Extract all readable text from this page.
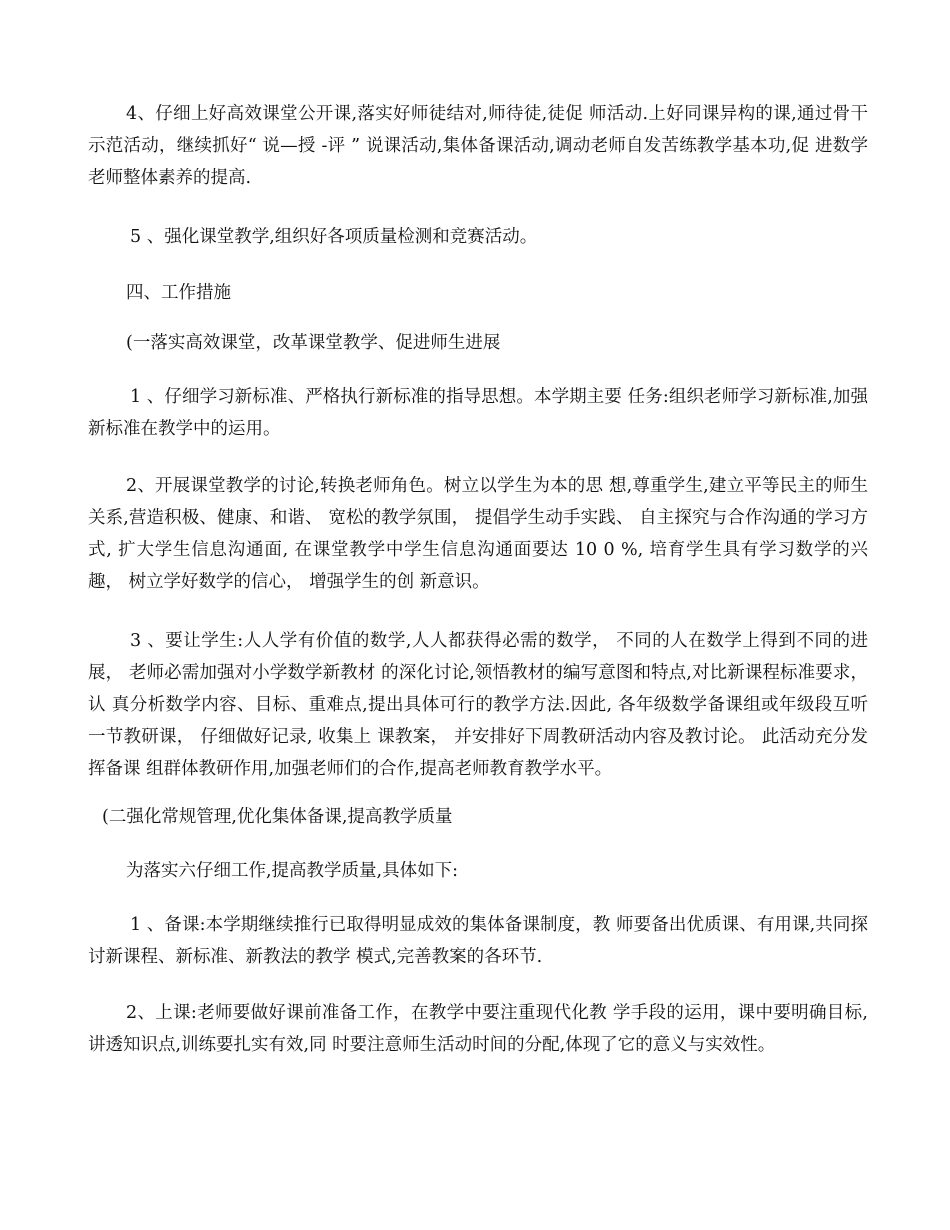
4、仔细上好高效课堂公开课,落实好师徒结对,师待徒,徒促 师活动.上好同课异构的课,通过骨干示范活动，继续抓好“ 说—授 -评 ” 说课活动,集体备课活动,调动老师自发苦练教学基本功,促 进数学老师整体素养的提高.

5 、强化课堂教学,组织好各项质量检测和竞赛活动。

四、工作措施

(一落实高效课堂，改革课堂教学、促进师生进展

1 、仔细学习新标准、严格执行新标准的指导思想。本学期主要 任务:组织老师学习新标准,加强新标准在教学中的运用。

2、开展课堂教学的讨论,转换老师角色。树立以学生为本的思 想,尊重学生,建立平等民主的师生关系,营造积极、健康、和谐、 宽松的教学氛围， 提倡学生动手实践、 自主探究与合作沟通的学习方 式, 扩大学生信息沟通面, 在课堂教学中学生信息沟通面要达 10 0 %, 培育学生具有学习数学的兴趣， 树立学好数学的信心， 增强学生的创 新意识。

3 、要让学生:人人学有价值的数学,人人都获得必需的数学， 不同的人在数学上得到不同的进展， 老师必需加强对小学数学新教材 的深化讨论,领悟教材的编写意图和特点,对比新课程标准要求，认 真分析数学内容、目标、重难点,提出具体可行的教学方法.因此, 各年级数学备课组或年级段互听一节教研课， 仔细做好记录, 收集上 课教案， 并安排好下周教研活动内容及教讨论。 此活动充分发挥备课 组群体教研作用,加强老师们的合作,提高老师教育教学水平。

(二强化常规管理,优化集体备课,提高教学质量

为落实六仔细工作,提高教学质量,具体如下:

1 、备课:本学期继续推行已取得明显成效的集体备课制度，教 师要备出优质课、有用课,共同探讨新课程、新标准、新教法的教学 模式,完善教案的各环节.

2、上课:老师要做好课前准备工作，在教学中要注重现代化教 学手段的运用，课中要明确目标,讲透知识点,训练要扎实有效,同 时要注意师生活动时间的分配,体现了它的意义与实效性。
